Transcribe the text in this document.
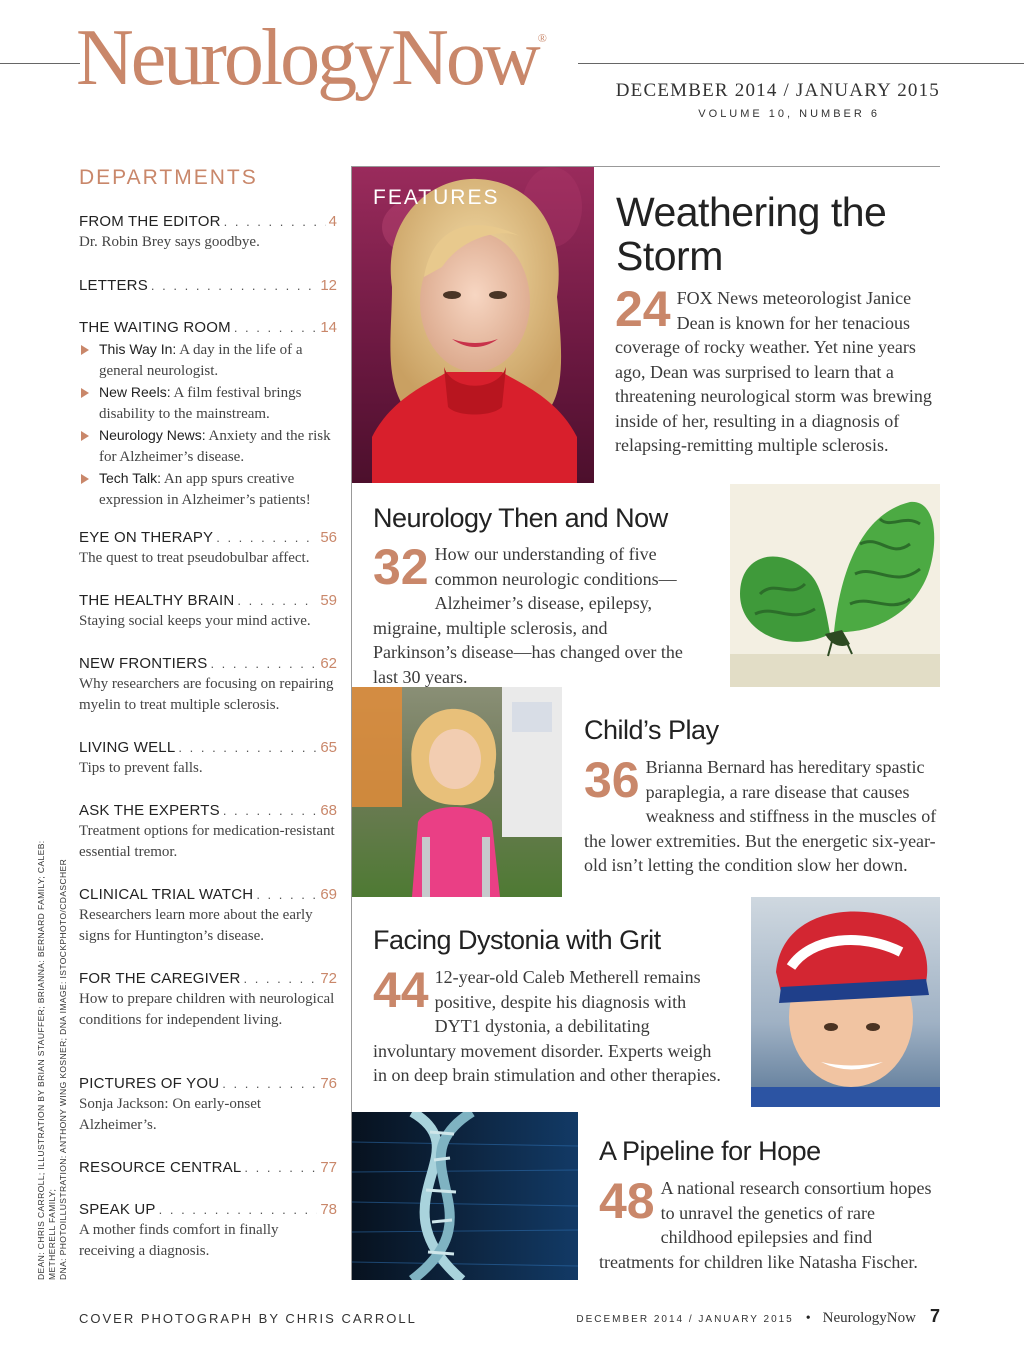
NeurologyNow®
DECEMBER 2014 / JANUARY 2015
VOLUME 10, NUMBER 6
DEPARTMENTS
FROM THE EDITOR . . .	4
Dr. Robin Brey says goodbye.
LETTERS . . .	12
THE WAITING ROOM . . .	14
This Way In: A day in the life of a general neurologist.
New Reels: A film festival brings disability to the mainstream.
Neurology News: Anxiety and the risk for Alzheimer’s disease.
Tech Talk: An app spurs creative expression in Alzheimer’s patients!
EYE ON THERAPY . . .	56
The quest to treat pseudobulbar affect.
THE HEALTHY BRAIN . . .	59
Staying social keeps your mind active.
NEW FRONTIERS . . .	62
Why researchers are focusing on repairing myelin to treat multiple sclerosis.
LIVING WELL . . .	65
Tips to prevent falls.
ASK THE EXPERTS . . .	68
Treatment options for medication-resistant essential tremor.
CLINICAL TRIAL WATCH . . .	69
Researchers learn more about the early signs for Huntington’s disease.
FOR THE CAREGIVER . . .	72
How to prepare children with neurological conditions for independent living.
PICTURES OF YOU . . .	76
Sonja Jackson: On early-onset Alzheimer’s.
RESOURCE CENTRAL . . .	77
SPEAK UP . . .	78
A mother finds comfort in finally receiving a diagnosis.
DEAN: CHRIS CARROLL; ILLUSTRATION BY BRIAN STAUFFER; BRIANNA: BERNARD FAMILY; CALEB: METHERELL FAMILY; DNA: PHOTOILLUSTRATION: ANTHONY WING KOSNER; DNA IMAGE: ISTOCKPHOTO/CDASCHER
FEATURES	Weathering the Storm
24 FOX News meteorologist Janice Dean is known for her tenacious coverage of rocky weather. Yet nine years ago, Dean was surprised to learn that a threatening neurological storm was brewing inside of her, resulting in a diagnosis of relapsing-remitting multiple sclerosis.
Neurology Then and Now
32 How our understanding of five common neurologic conditions—Alzheimer’s disease, epilepsy, migraine, multiple sclerosis, and Parkinson’s disease—has changed over the last 30 years.
Child’s Play
36 Brianna Bernard has hereditary spastic paraplegia, a rare disease that causes weakness and stiffness in the muscles of the lower extremities. But the energetic six-year-old isn’t letting the condition slow her down.
Facing Dystonia with Grit
44 12-year-old Caleb Metherell remains positive, despite his diagnosis with DYT1 dystonia, a debilitating involuntary movement disorder. Experts weigh in on deep brain stimulation and other therapies.
A Pipeline for Hope
48 A national research consortium hopes to unravel the genetics of rare childhood epilepsies and find treatments for children like Natasha Fischer.
COVER PHOTOGRAPH BY CHRIS CARROLL	DECEMBER 2014 / JANUARY 2015 • NeurologyNow 7
